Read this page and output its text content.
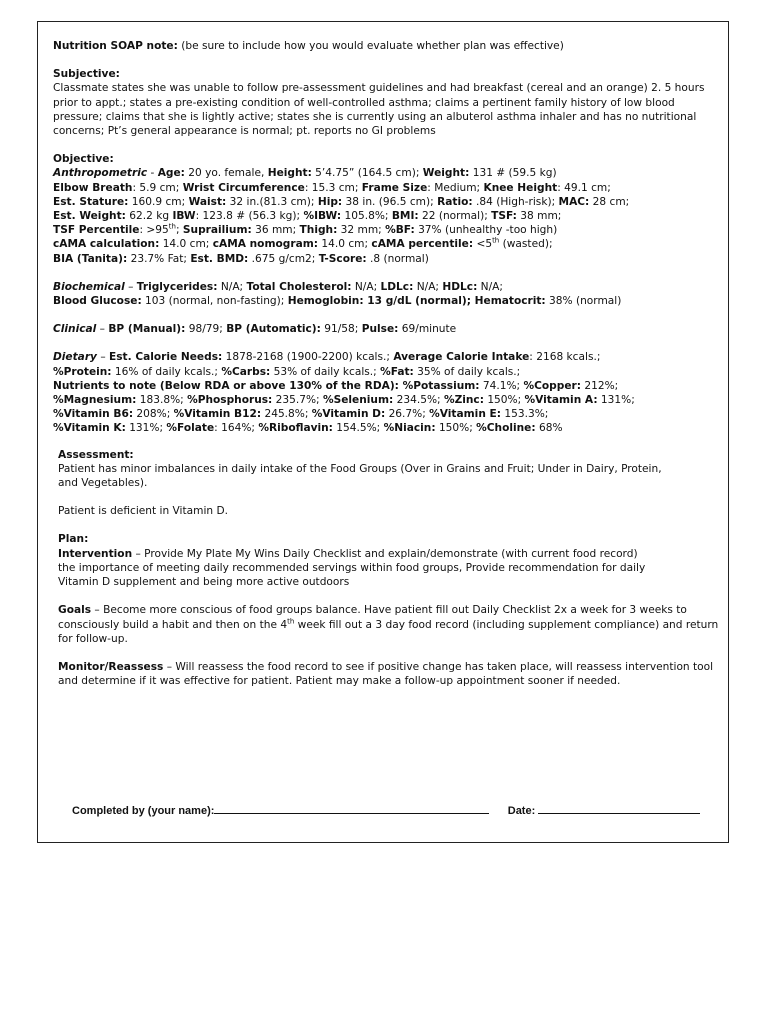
Nutrition SOAP note: (be sure to include how you would evaluate whether plan was effective)

Subjective:

Classmate states she was unable to follow pre-assessment guidelines and had breakfast (cereal and an orange) 2. 5 hours prior to appt.; states a pre-existing condition of well-controlled asthma; claims a pertinent family history of low blood pressure; claims that she is lightly active; states she is currently using an albuterol asthma inhaler and has no nutritional concerns; Pt’s general appearance is normal; pt. reports no GI problems

Objective:

Anthropometric - Age: 20 yo. female, Height: 5’4.75” (164.5 cm); Weight: 131 # (59.5 kg)
Elbow Breath: 5.9 cm; Wrist Circumference: 15.3 cm; Frame Size: Medium; Knee Height: 49.1 cm;
Est. Stature: 160.9 cm; Waist: 32 in.(81.3 cm); Hip: 38 in. (96.5 cm); Ratio: .84 (High-risk); MAC: 28 cm;
Est. Weight: 62.2 kg IBW: 123.8 # (56.3 kg); %IBW: 105.8%; BMI: 22 (normal); TSF: 38 mm;
TSF Percentile: >95th; Suprailium: 36 mm; Thigh: 32 mm; %BF: 37% (unhealthy -too high)
cAMA calculation: 14.0 cm; cAMA nomogram: 14.0 cm; cAMA percentile: <5th (wasted);
BIA (Tanita): 23.7% Fat; Est. BMD: .675 g/cm2; T-Score: .8 (normal)

Biochemical – Triglycerides: N/A; Total Cholesterol: N/A; LDLc: N/A; HDLc: N/A;
Blood Glucose: 103 (normal, non-fasting); Hemoglobin: 13 g/dL (normal); Hematocrit: 38% (normal)

Clinical – BP (Manual): 98/79; BP (Automatic): 91/58; Pulse: 69/minute

Dietary – Est. Calorie Needs: 1878-2168 (1900-2200) kcals.; Average Calorie Intake: 2168 kcals.;
%Protein: 16% of daily kcals.; %Carbs: 53% of daily kcals.; %Fat: 35% of daily kcals.;
Nutrients to note (Below RDA or above 130% of the RDA): %Potassium: 74.1%; %Copper: 212%;
%Magnesium: 183.8%; %Phosphorus: 235.7%; %Selenium: 234.5%; %Zinc: 150%; %Vitamin A: 131%;
%Vitamin B6: 208%; %Vitamin B12: 245.8%; %Vitamin D: 26.7%; %Vitamin E: 153.3%;
%Vitamin K: 131%; %Folate: 164%; %Riboflavin: 154.5%; %Niacin: 150%; %Choline: 68%

Assessment:

Patient has minor imbalances in daily intake of the Food Groups (Over in Grains and Fruit; Under in Dairy, Protein, and Vegetables).

Patient is deficient in Vitamin D.

Plan:

Intervention – Provide My Plate My Wins Daily Checklist and explain/demonstrate (with current food record) the importance of meeting daily recommended servings within food groups, Provide recommendation for daily Vitamin D supplement and being more active outdoors

Goals – Become more conscious of food groups balance. Have patient fill out Daily Checklist 2x a week for 3 weeks to consciously build a habit and then on the 4th week fill out a 3 day food record (including supplement compliance) and return for follow-up.

Monitor/Reassess – Will reassess the food record to see if positive change has taken place, will reassess intervention tool and determine if it was effective for patient. Patient may make a follow-up appointment sooner if needed.

Completed by (your name):	Date:
